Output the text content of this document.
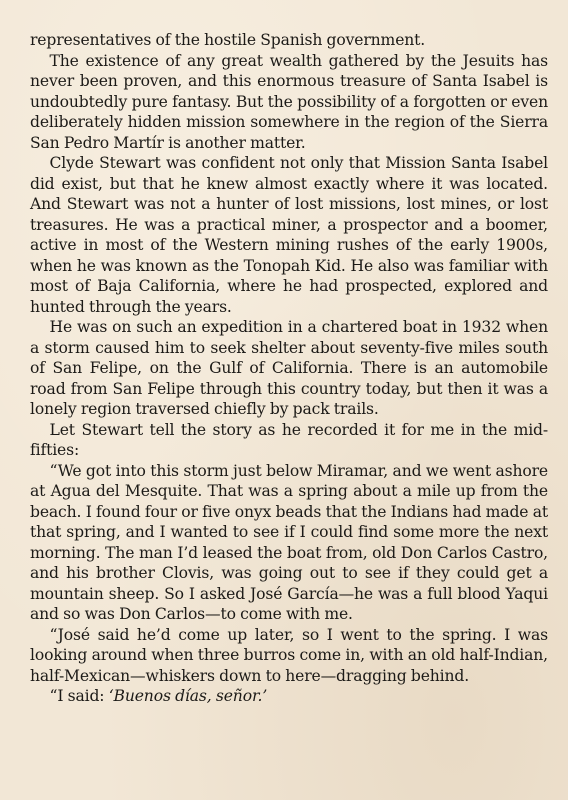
representatives of the hostile Spanish government.

The existence of any great wealth gathered by the Jesuits has never been proven, and this enormous treasure of Santa Isabel is undoubtedly pure fantasy. But the possibility of a forgotten or even deliberately hidden mission somewhere in the region of the Sierra San Pedro Martír is another matter.

Clyde Stewart was confident not only that Mission Santa Isabel did exist, but that he knew almost exactly where it was located. And Stewart was not a hunter of lost missions, lost mines, or lost treasures. He was a practical miner, a prospector and a boomer, active in most of the Western mining rushes of the early 1900s, when he was known as the Tonopah Kid. He also was familiar with most of Baja California, where he had prospected, explored and hunted through the years.

He was on such an expedition in a chartered boat in 1932 when a storm caused him to seek shelter about seventy-five miles south of San Felipe, on the Gulf of California. There is an automobile road from San Felipe through this country today, but then it was a lonely region traversed chiefly by pack trails.

Let Stewart tell the story as he recorded it for me in the mid-fifties:

“We got into this storm just below Miramar, and we went ashore at Agua del Mesquite. That was a spring about a mile up from the beach. I found four or five onyx beads that the Indians had made at that spring, and I wanted to see if I could find some more the next morning. The man I’d leased the boat from, old Don Carlos Castro, and his brother Clovis, was going out to see if they could get a mountain sheep. So I asked José García—he was a full blood Yaqui and so was Don Carlos—to come with me.

“José said he’d come up later, so I went to the spring. I was looking around when three burros come in, with an old half-Indian, half-Mexican—whiskers down to here—dragging behind.

“I said: ‘Buenos días, señor.’
